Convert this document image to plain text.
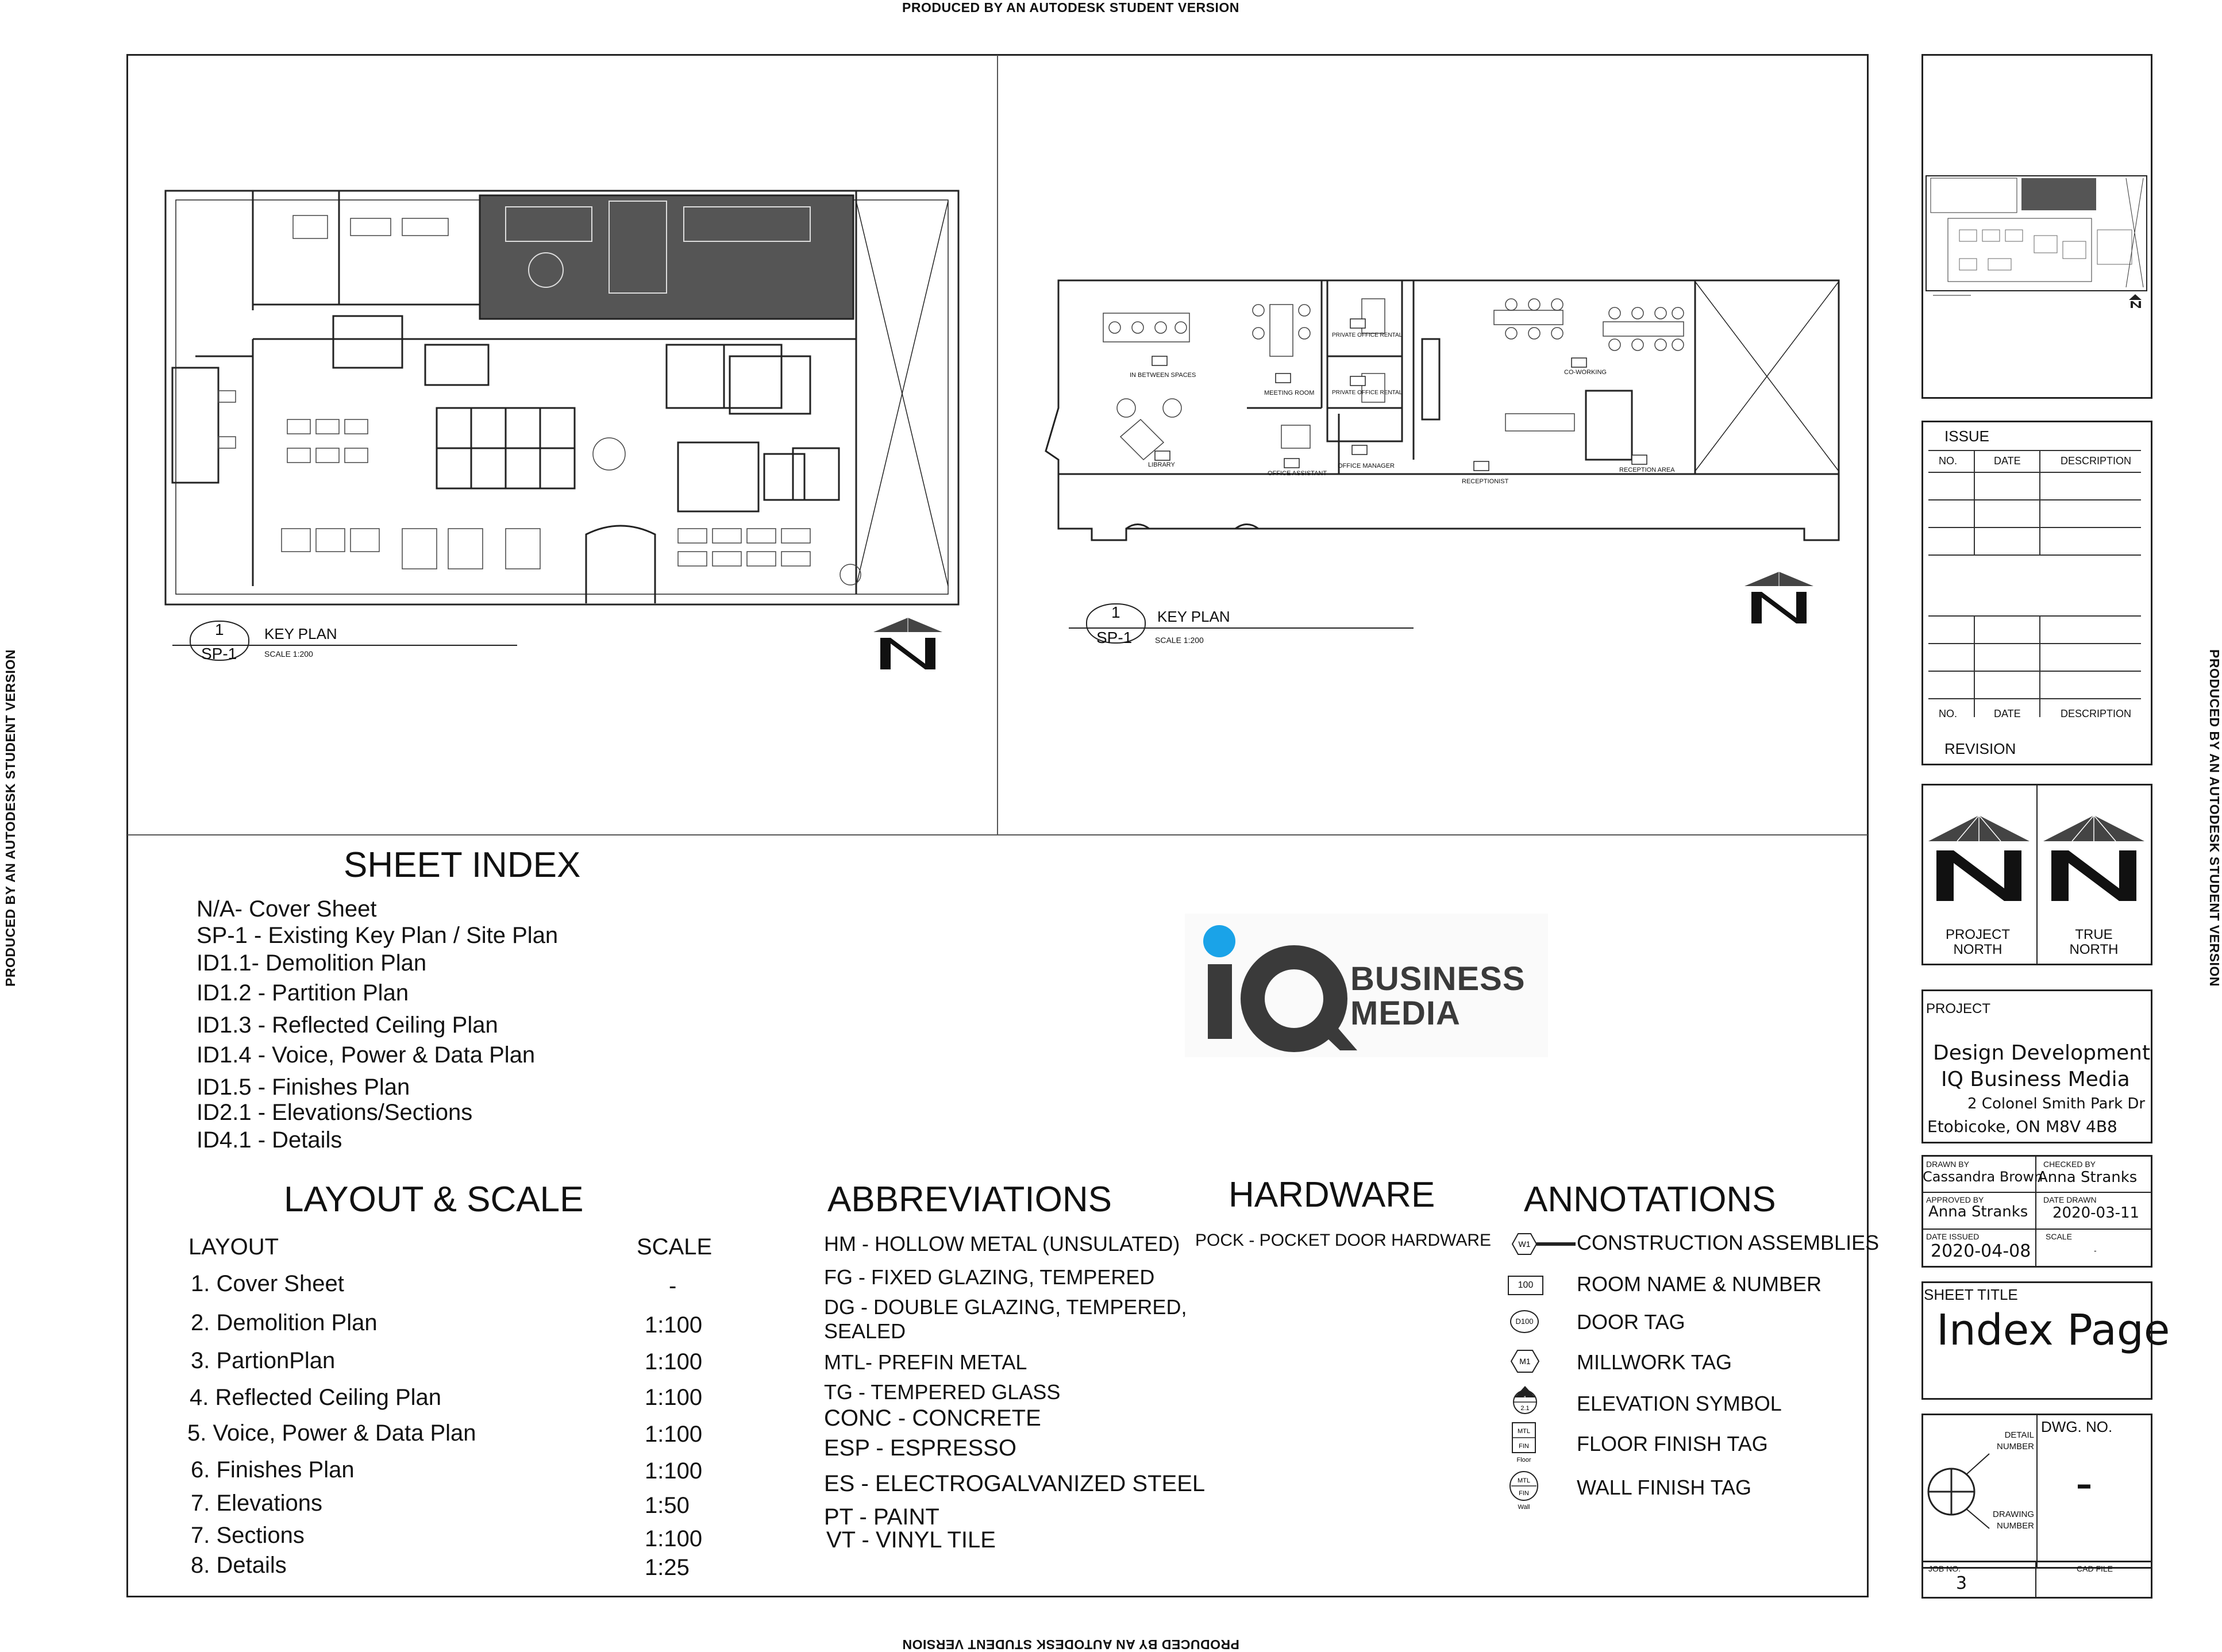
PRODUCED BY AN AUTODESK STUDENT VERSION
PRODUCED BY AN AUTODESK STUDENT VERSION
PRODUCED BY AN AUTODESK STUDENT VERSION	PRODUCED BY AN AUTODESK STUDENT VERSION
KEY PLAN
1
SP-1	SCALE 1:200
IN BETWEEN SPACES
MEETING ROOM
PRIVATE OFFICE RENTAL
PRIVATE OFFICE RENTAL
CO-WORKING
LIBRARY
OFFICE ASSISTANT
OFFICE MANAGER
RECEPTIONIST
RECEPTION AREA
KEY PLAN
1
SP-1	SCALE 1:200
SHEET INDEX
N/A- Cover Sheet
SP-1 - Existing Key Plan / Site Plan
ID1.1- Demolition Plan
ID1.2 - Partition Plan
ID1.3 - Reflected Ceiling Plan
ID1.4 - Voice, Power & Data Plan
ID1.5 - Finishes Plan
ID2.1 - Elevations/Sections
ID4.1 - Details
BUSINESS
MEDIA
LAYOUT & SCALE
LAYOUT	SCALE
1. Cover Sheet	-
2. Demolition Plan	1:100
3. PartionPlan	1:100
4. Reflected Ceiling Plan	1:100
5. Voice, Power & Data Plan	1:100
6. Finishes Plan	1:100
7. Elevations	1:50
7. Sections	1:100
8. Details	1:25
ABBREVIATIONS
HM - HOLLOW METAL (UNSULATED)
FG - FIXED GLAZING, TEMPERED
DG - DOUBLE GLAZING, TEMPERED,
SEALED
MTL- PREFIN METAL
TG - TEMPERED GLASS
CONC - CONCRETE
ESP - ESPRESSO
ES - ELECTROGALVANIZED STEEL
PT - PAINT
VT - VINYL TILE
HARDWARE
POCK - POCKET DOOR HARDWARE
ANNOTATIONS
W1 CONSTRUCTION ASSEMBLIES
100	ROOM NAME & NUMBER
D100 DOOR TAG
M1 MILLWORK TAG
1
2.1 ELEVATION SYMBOL
MTL
FIN
Floor
FLOOR FINISH TAG
MTL
FIN
Wall
WALL FINISH TAG
ISSUE
REVISION
NO.	DATE	DESCRIPTION
NO.	DATE	DESCRIPTION
PROJECT NORTH
TRUE NORTH
PROJECT
Design Development
IQ Business Media
2 Colonel Smith Park Dr
Etobicoke, ON M8V 4B8
DRAWN BY
Cassandra Brown
CHECKED BY
Anna Stranks
APPROVED BY
Anna Stranks
DATE DRAWN
2020-03-11
DATE ISSUED
2020-04-08
SCALE
-
SHEET TITLE
Index Page
DWG. NO.
-
DETAIL NUMBER
DRAWING NUMBER
JOB NO.
3
CAD FILE
